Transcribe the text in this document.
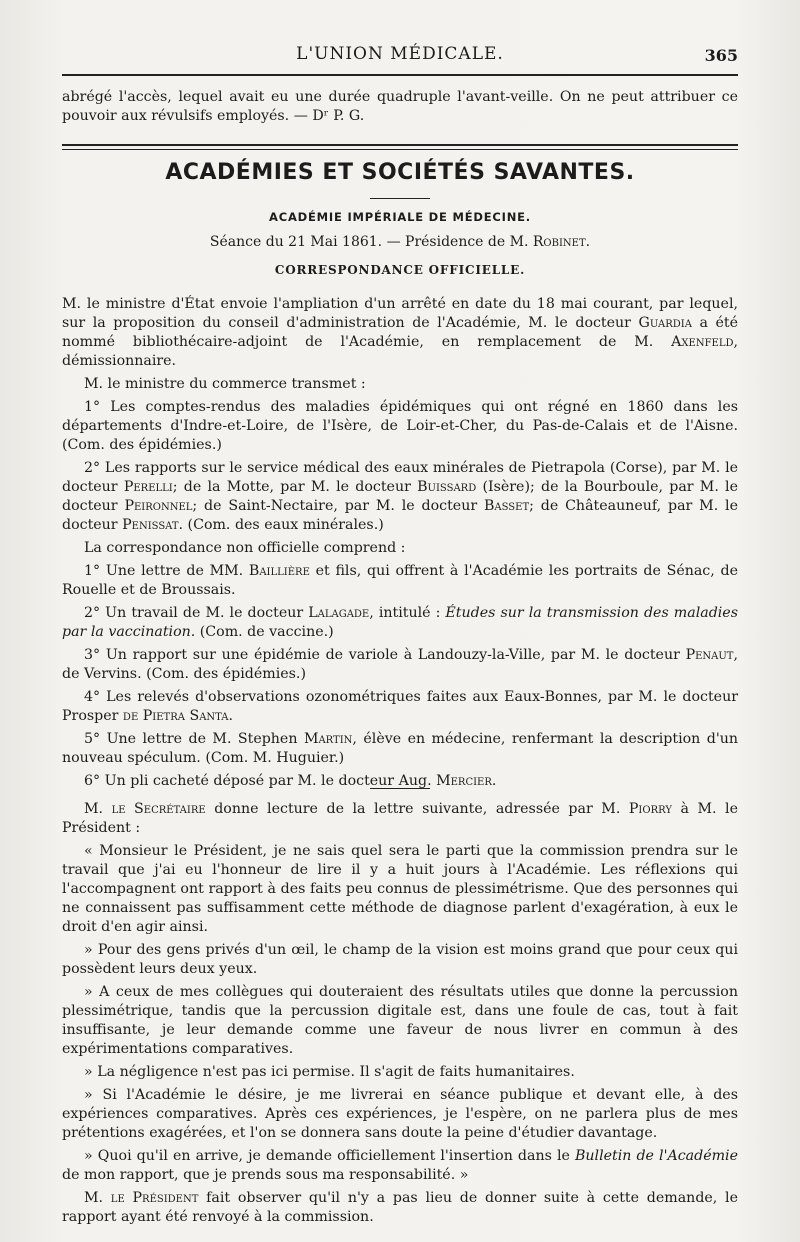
L'UNION MÉDICALE.	365

abrégé l'accès, lequel avait eu une durée quadruple l'avant-veille. On ne peut attribuer ce pouvoir aux révulsifs employés. — Dʳ P. G.

ACADÉMIES ET SOCIÉTÉS SAVANTES.
ACADÉMIE IMPÉRIALE DE MÉDECINE.
Séance du 21 Mai 1861. — Présidence de M. Robinet.
CORRESPONDANCE OFFICIELLE.

M. le ministre d'État envoie l'ampliation d'un arrêté en date du 18 mai courant, par lequel, sur la proposition du conseil d'administration de l'Académie, M. le docteur Guardia a été nommé bibliothécaire-adjoint de l'Académie, en remplacement de M. Axenfeld, démissionnaire.

M. le ministre du commerce transmet :

1° Les comptes-rendus des maladies épidémiques qui ont régné en 1860 dans les départements d'Indre-et-Loire, de l'Isère, de Loir-et-Cher, du Pas-de-Calais et de l'Aisne. (Com. des épidémies.)

2° Les rapports sur le service médical des eaux minérales de Pietrapola (Corse), par M. le docteur Perelli; de la Motte, par M. le docteur Buissard (Isère); de la Bourboule, par M. le docteur Peironnel; de Saint-Nectaire, par M. le docteur Basset; de Châteauneuf, par M. le docteur Penissat. (Com. des eaux minérales.)

La correspondance non officielle comprend :

1° Une lettre de MM. Baillière et fils, qui offrent à l'Académie les portraits de Sénac, de Rouelle et de Broussais.

2° Un travail de M. le docteur Lalagade, intitulé : Études sur la transmission des maladies par la vaccination. (Com. de vaccine.)

3° Un rapport sur une épidémie de variole à Landouzy-la-Ville, par M. le docteur Penaut, de Vervins. (Com. des épidémies.)

4° Les relevés d'observations ozonométriques faites aux Eaux-Bonnes, par M. le docteur Prosper de Pietra Santa.

5° Une lettre de M. Stephen Martin, élève en médecine, renfermant la description d'un nouveau spéculum. (Com. M. Huguier.)

6° Un pli cacheté déposé par M. le docteur Aug. Mercier.

M. le Secrétaire donne lecture de la lettre suivante, adressée par M. Piorry à M. le Président :

« Monsieur le Président, je ne sais quel sera le parti que la commission prendra sur le travail que j'ai eu l'honneur de lire il y a huit jours à l'Académie. Les réflexions qui l'accompagnent ont rapport à des faits peu connus de plessimétrisme. Que des personnes qui ne connaissent pas suffisamment cette méthode de diagnose parlent d'exagération, à eux le droit d'en agir ainsi.

» Pour des gens privés d'un œil, le champ de la vision est moins grand que pour ceux qui possèdent leurs deux yeux.

» A ceux de mes collègues qui douteraient des résultats utiles que donne la percussion plessimétrique, tandis que la percussion digitale est, dans une foule de cas, tout à fait insuffisante, je leur demande comme une faveur de nous livrer en commun à des expérimentations comparatives.

» La négligence n'est pas ici permise. Il s'agit de faits humanitaires.

» Si l'Académie le désire, je me livrerai en séance publique et devant elle, à des expériences comparatives. Après ces expériences, je l'espère, on ne parlera plus de mes prétentions exagérées, et l'on se donnera sans doute la peine d'étudier davantage.

» Quoi qu'il en arrive, je demande officiellement l'insertion dans le Bulletin de l'Académie de mon rapport, que je prends sous ma responsabilité. »

M. le Président fait observer qu'il n'y a pas lieu de donner suite à cette demande, le rapport ayant été renvoyé à la commission.
